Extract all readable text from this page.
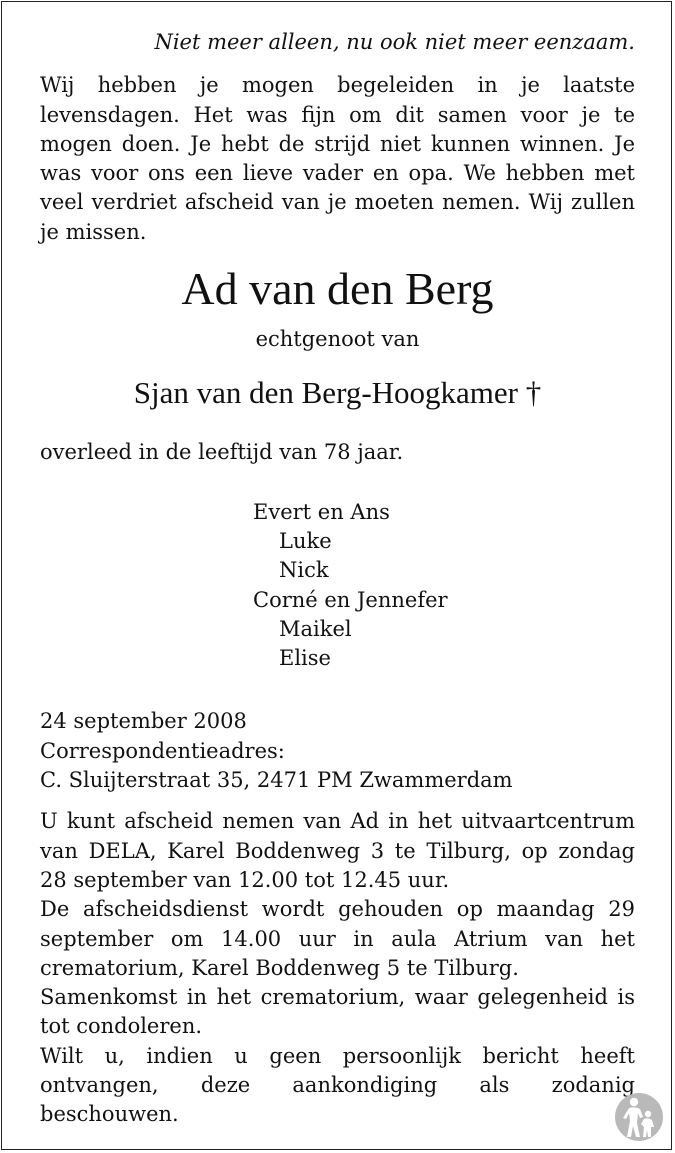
Niet meer alleen, nu ook niet meer eenzaam.

Wij hebben je mogen begeleiden in je laatste levensdagen. Het was fijn om dit samen voor je te mogen doen. Je hebt de strijd niet kunnen winnen. Je was voor ons een lieve vader en opa. We hebben met veel verdriet afscheid van je moeten nemen. Wij zullen je missen.

Ad van den Berg

echtgenoot van

Sjan van den Berg-Hoogkamer †

overleed in de leeftijd van 78 jaar.

Evert en Ans

Luke

Nick

Corné en Jennefer

Maikel

Elise

24 september 2008

Correspondentieadres:

C. Sluijterstraat 35, 2471 PM Zwammerdam

U kunt afscheid nemen van Ad in het uitvaartcentrum van DELA, Karel Boddenweg 3 te Tilburg, op zondag 28 september van 12.00 tot 12.45 uur.

De afscheidsdienst wordt gehouden op maandag 29 september om 14.00 uur in aula Atrium van het crematorium, Karel Boddenweg 5 te Tilburg.

Samenkomst in het crematorium, waar gelegenheid is tot condoleren.

Wilt u, indien u geen persoonlijk bericht heeft ontvangen, deze aankondiging als zodanig beschouwen.
